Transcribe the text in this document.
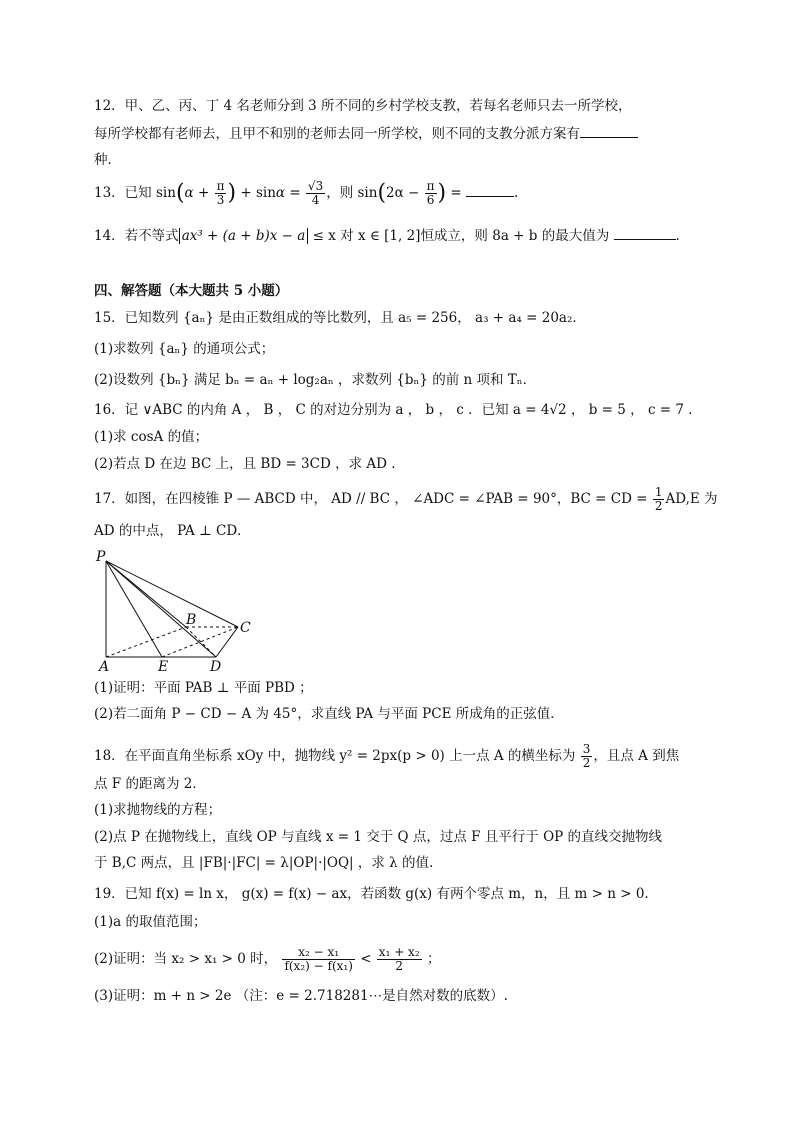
12．甲、乙、丙、丁 4 名老师分到 3 所不同的乡村学校支教，若每名老师只去一所学校，
每所学校都有老师去，且甲不和别的老师去同一所学校，则不同的支教分派方案有
种．
13．已知 $\sin(\alpha + \frac{\pi}{3}$ ) + $\sin\alpha = \frac{√3}{4}$ ，则 $\sin(2\alpha - \frac{\pi}{6}$ ) =	.
14．若不等式 ax³ + (a + b)x − a ≤ x 对 x ∈ [1, 2]恒成立，则 8a + b 的最大值为	.
四、解答题（本大题共 5 小题）
15．已知数列 {aₙ} 是由正数组成的等比数列，且 a₅ = 256， a₃ + a₄ = 20a₂．
(1)求数列 {aₙ} 的通项公式；
(2)设数列 {bₙ} 满足 bₙ = aₙ + log₂aₙ ，求数列 {bₙ} 的前 n 项和 Tₙ．
16．记 ∨ABC 的内角 A ， B ， C 的对边分别为 a ， b ， c ．已知 a = 4√2 ， b = 5 ， c = 7 ．
(1)求 cosA 的值；
(2)若点 D 在边 BC 上，且 BD = 3CD ，求 AD .
17．如图，在四棱锥 P — ABCD 中， AD // BC ， ∠ADC = ∠PAB = 90°，BC = CD = $\frac{1}{2} AD,E$ 为
AD 的中点， PA ⊥ CD．
P
A
B	C
D
E
(1)证明：平面 PAB ⊥ 平面 PBD ；
(2)若二面角 P − CD − A 为 45°，求直线 PA 与平面 PCE 所成角的正弦值．
18．在平面直角坐标系 xOy 中，抛物线 y² = 2px(p > 0) 上一点 A 的横坐标为 $\frac{3}{2}$ ，且点 A 到焦
点 F 的距离为 2．
(1)求抛物线的方程；
(2)点 P 在抛物线上，直线 OP 与直线 x = 1 交于 Q 点，过点 F 且平行于 OP 的直线交抛物线
于 B,C 两点，且 |FB|·|FC| = λ|OP|·|OQ| ，求 λ 的值.
19．已知 f(x) = ln x， g(x) = f(x) − ax，若函数 g(x) 有两个零点 m，n，且 m > n > 0.
(1)a 的取值范围；
(2)证明：当 x₂ > x₁ > 0 时， $\frac{\text{x₂ − x₁}}{\text{f(x₂) − f(x₁)}} < \frac{\text{x₁ + x₂}}{2}$ ；
(3)证明：m + n > 2e （注：e = 2.718281⋯是自然对数的底数）.
